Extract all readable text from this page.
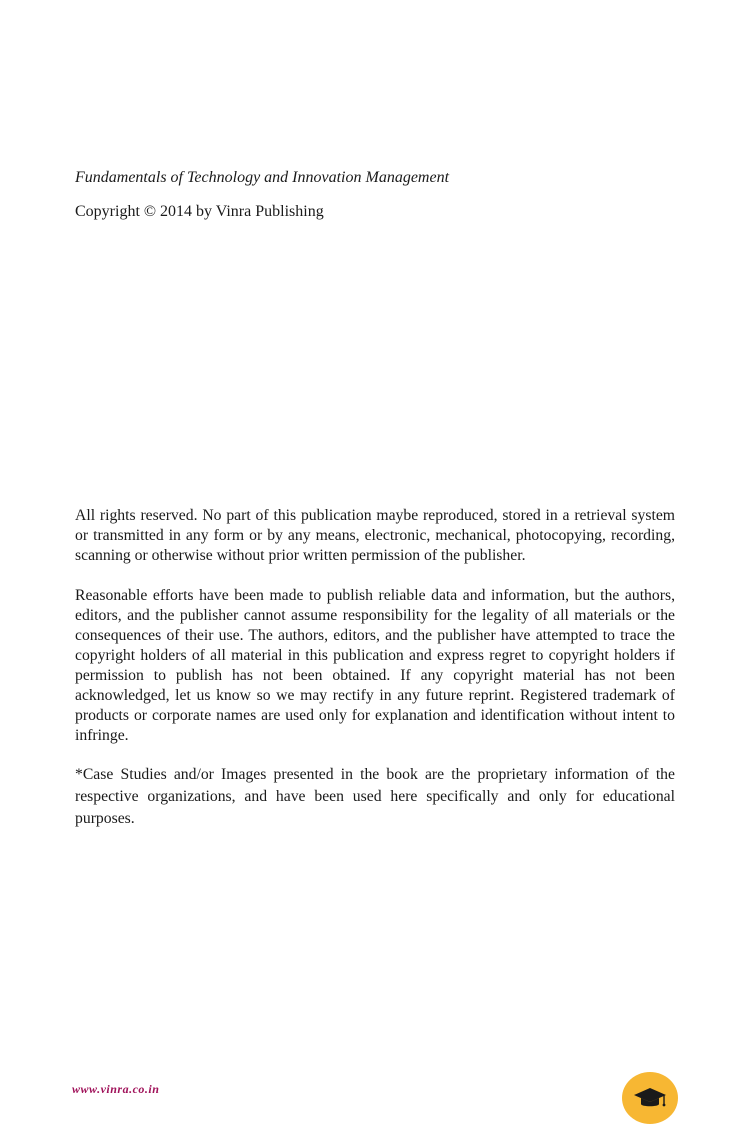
Fundamentals of Technology and Innovation Management

Copyright © 2014 by Vinra Publishing

All rights reserved. No part of this publication maybe reproduced, stored in a retrieval system or transmitted in any form or by any means, electronic, mechanical, photocopying, recording, scanning or otherwise without prior written permission of the publisher.

Reasonable efforts have been made to publish reliable data and information, but the authors, editors, and the publisher cannot assume responsibility for the legality of all materials or the consequences of their use. The authors, editors, and the publisher have attempted to trace the copyright holders of all material in this publication and express regret to copyright holders if permission to publish has not been obtained. If any copyright material has not been acknowledged, let us know so we may rectify in any future reprint. Registered trademark of products or corporate names are used only for explanation and identification without intent to infringe.

*Case Studies and/or Images presented in the book are the proprietary information of the respective organizations, and have been used here specifically and only for educational purposes.

www.vinra.co.in
